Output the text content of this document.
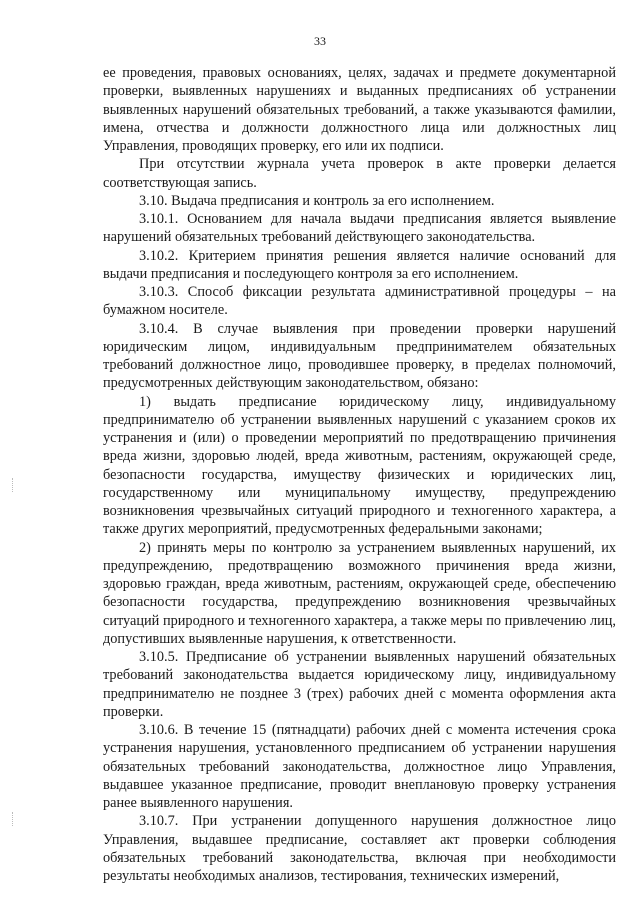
33

ее проведения, правовых основаниях, целях, задачах и предмете документарной проверки, выявленных нарушениях и выданных предписаниях об устранении выявленных нарушений обязательных требований, а также указываются фамилии, имена, отчества и должности должностного лица или должностных лиц Управления, проводящих проверку, его или их подписи.

При отсутствии журнала учета проверок в акте проверки делается соответствующая запись.

3.10. Выдача предписания и контроль за его исполнением.

3.10.1. Основанием для начала выдачи предписания является выявление нарушений обязательных требований действующего законодательства.

3.10.2. Критерием принятия решения является наличие оснований для выдачи предписания и последующего контроля за его исполнением.

3.10.3. Способ фиксации результата административной процедуры – на бумажном носителе.

3.10.4. В случае выявления при проведении проверки нарушений юридическим лицом, индивидуальным предпринимателем обязательных требований должностное лицо, проводившее проверку, в пределах полномочий, предусмотренных действующим законодательством, обязано:

1) выдать предписание юридическому лицу, индивидуальному предпринимателю об устранении выявленных нарушений с указанием сроков их устранения и (или) о проведении мероприятий по предотвращению причинения вреда жизни, здоровью людей, вреда животным, растениям, окружающей среде, безопасности государства, имуществу физических и юридических лиц, государственному или муниципальному имуществу, предупреждению возникновения чрезвычайных ситуаций природного и техногенного характера, а также других мероприятий, предусмотренных федеральными законами;

2) принять меры по контролю за устранением выявленных нарушений, их предупреждению, предотвращению возможного причинения вреда жизни, здоровью граждан, вреда животным, растениям, окружающей среде, обеспечению безопасности государства, предупреждению возникновения чрезвычайных ситуаций природного и техногенного характера, а также меры по привлечению лиц, допустивших выявленные нарушения, к ответственности.

3.10.5. Предписание об устранении выявленных нарушений обязательных требований законодательства выдается юридическому лицу, индивидуальному предпринимателю не позднее 3 (трех) рабочих дней с момента оформления акта проверки.

3.10.6. В течение 15 (пятнадцати) рабочих дней с момента истечения срока устранения нарушения, установленного предписанием об устранении нарушения обязательных требований законодательства, должностное лицо Управления, выдавшее указанное предписание, проводит внеплановую проверку устранения ранее выявленного нарушения.

3.10.7. При устранении допущенного нарушения должностное лицо Управления, выдавшее предписание, составляет акт проверки соблюдения обязательных требований законодательства, включая при необходимости результаты необходимых анализов, тестирования, технических измерений,
